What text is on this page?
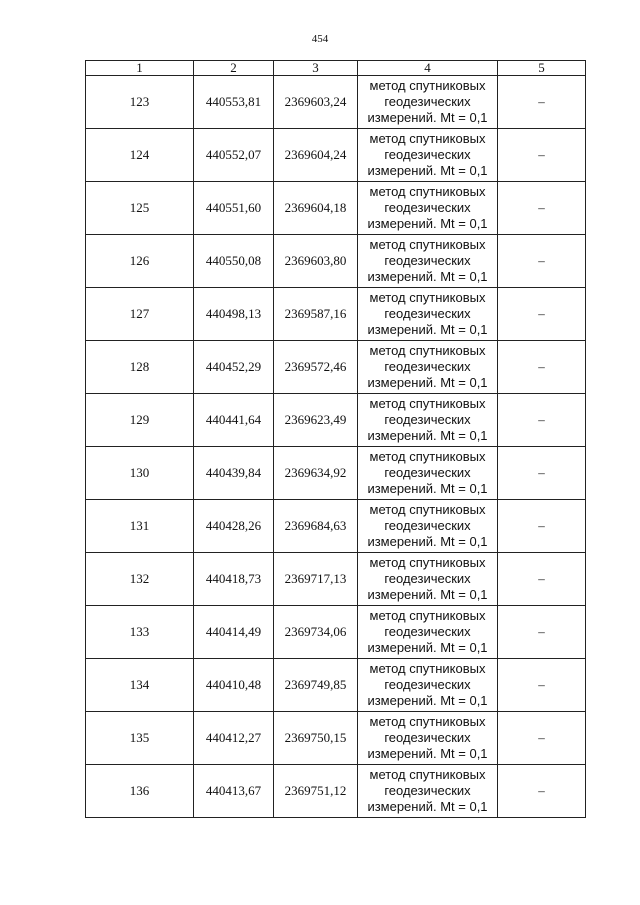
454
1	2	3	4	5
123	440553,81	2369603,24	метод спутниковых
геодезических
измерений. Mt = 0,1	–
124	440552,07	2369604,24	метод спутниковых
геодезических
измерений. Mt = 0,1	–
125	440551,60	2369604,18	метод спутниковых
геодезических
измерений. Mt = 0,1	–
126	440550,08	2369603,80	метод спутниковых
геодезических
измерений. Mt = 0,1	–
127	440498,13	2369587,16	метод спутниковых
геодезических
измерений. Mt = 0,1	–
128	440452,29	2369572,46	метод спутниковых
геодезических
измерений. Mt = 0,1	–
129	440441,64	2369623,49	метод спутниковых
геодезических
измерений. Mt = 0,1	–
130	440439,84	2369634,92	метод спутниковых
геодезических
измерений. Mt = 0,1	–
131	440428,26	2369684,63	метод спутниковых
геодезических
измерений. Mt = 0,1	–
132	440418,73	2369717,13	метод спутниковых
геодезических
измерений. Mt = 0,1	–
133	440414,49	2369734,06	метод спутниковых
геодезических
измерений. Mt = 0,1	–
134	440410,48	2369749,85	метод спутниковых
геодезических
измерений. Mt = 0,1	–
135	440412,27	2369750,15	метод спутниковых
геодезических
измерений. Mt = 0,1	–
136	440413,67	2369751,12	метод спутниковых
геодезических
измерений. Mt = 0,1	–
